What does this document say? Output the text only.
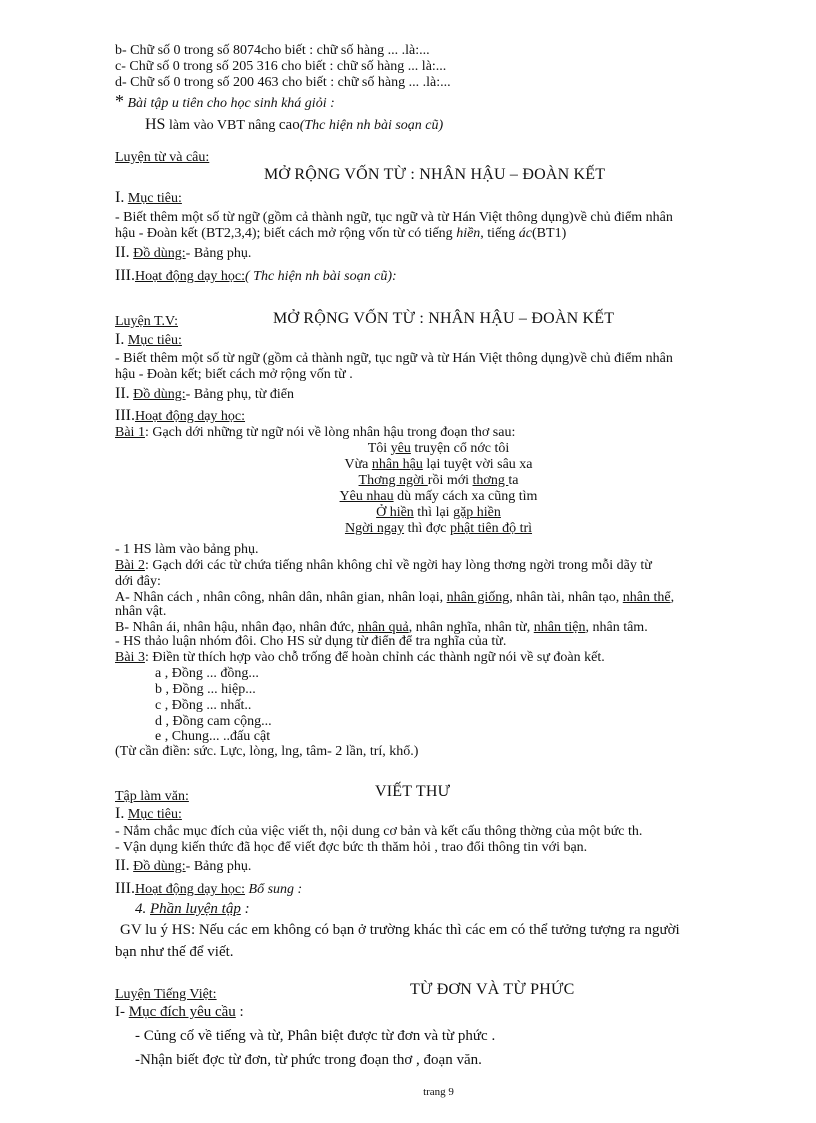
b- Chữ số 0 trong số 8074cho biết : chữ số hàng ... .là:...
c- Chữ số 0 trong số 205 316 cho biết : chữ số hàng ... là:...
d- Chữ số 0 trong số 200 463 cho biết : chữ số hàng ... .là:...
* Bài tập u tiên cho học sinh khá giỏi :
HS làm vào VBT nâng cao(Thc hiện nh bài soạn cũ)
Luyện từ và câu:
MỞ RỘNG VỐN TỪ : NHÂN HẬU – ĐOÀN KẾT
I. Mục tiêu:
- Biết thêm một số từ ngữ (gồm cả thành ngữ, tục ngữ và từ Hán Việt thông dụng)về chủ điểm nhân
hậu - Đoàn kết (BT2,3,4); biết cách mở rộng vốn từ có tiếng hiền, tiếng ác(BT1)
II. Đồ dùng:- Bảng phụ.
III.Hoạt động dạy học:( Thc hiện nh bài soạn cũ):
Luyện T.V:	MỞ RỘNG VỐN TỪ : NHÂN HẬU – ĐOÀN KẾT
I. Mục tiêu:
- Biết thêm một số từ ngữ (gồm cả thành ngữ, tục ngữ và từ Hán Việt thông dụng)về chủ điểm nhân
hậu - Đoàn kết; biết cách mở rộng vốn từ .
II. Đồ dùng:- Bảng phụ, từ điển
III.Hoạt động dạy học:
Bài 1: Gạch dới những từ ngữ nói về lòng nhân hậu trong đoạn thơ sau:
Tôi yêu truyện cổ nớc tôi
Vừa nhân hậu lại tuyệt vời sâu xa
Thơng ngời rồi mới thơng ta
Yêu nhau dù mấy cách xa cũng tìm
Ở hiền thì lại gặp hiền
Ngời ngay thì đợc phật tiên độ trì
- 1 HS làm vào bảng phụ.
Bài 2: Gạch dới các từ chứa tiếng nhân không chỉ về ngời hay lòng thơng ngời trong mỗi dãy từ
dới đây:
A- Nhân cách , nhân công, nhân dân, nhân gian, nhân loại, nhân giống, nhân tài, nhân tạo, nhân thể,
nhân vật.
B- Nhân ái, nhân hậu, nhân đạo, nhân đức, nhân quả, nhân nghĩa, nhân từ, nhân tiện, nhân tâm.
- HS thảo luận nhóm đôi. Cho HS sử dụng từ điển để tra nghĩa của từ.
Bài 3: Điền từ thích hợp vào chỗ trống để hoàn chỉnh các thành ngữ nói về sự đoàn kết.
a , Đồng ... đồng...
b , Đồng ... hiệp...
c , Đồng ... nhất..
d , Đồng cam cộng...
e , Chung... ..đấu cật
(Từ cần điền: sức. Lực, lòng, lng, tâm- 2 lần, trí, khổ.)
Tập làm văn:	VIẾT THƯ
I. Mục tiêu:
- Nắm chắc mục đích của việc viết th, nội dung cơ bản và kết cấu thông thờng của một bức th.
- Vận dụng kiến thức đã học để viết đợc bức th thăm hỏi , trao đổi thông tin với bạn.
II. Đồ dùng:- Bảng phụ.
III.Hoạt động dạy học: Bổ sung :
4. Phần luyện tập :
GV lu ý HS: Nếu các em không có bạn ở trường khác thì các em có thể tưởng tượng ra người
bạn như thế để viết.
Luyện Tiếng Việt:	TỪ ĐƠN VÀ TỪ PHỨC
I- Mục đích yêu cầu :
- Củng cố về tiếng và từ, Phân biệt được từ đơn và từ phức .
-Nhận biết đợc từ đơn, từ phức trong đoạn thơ , đoạn văn.
trang 9
